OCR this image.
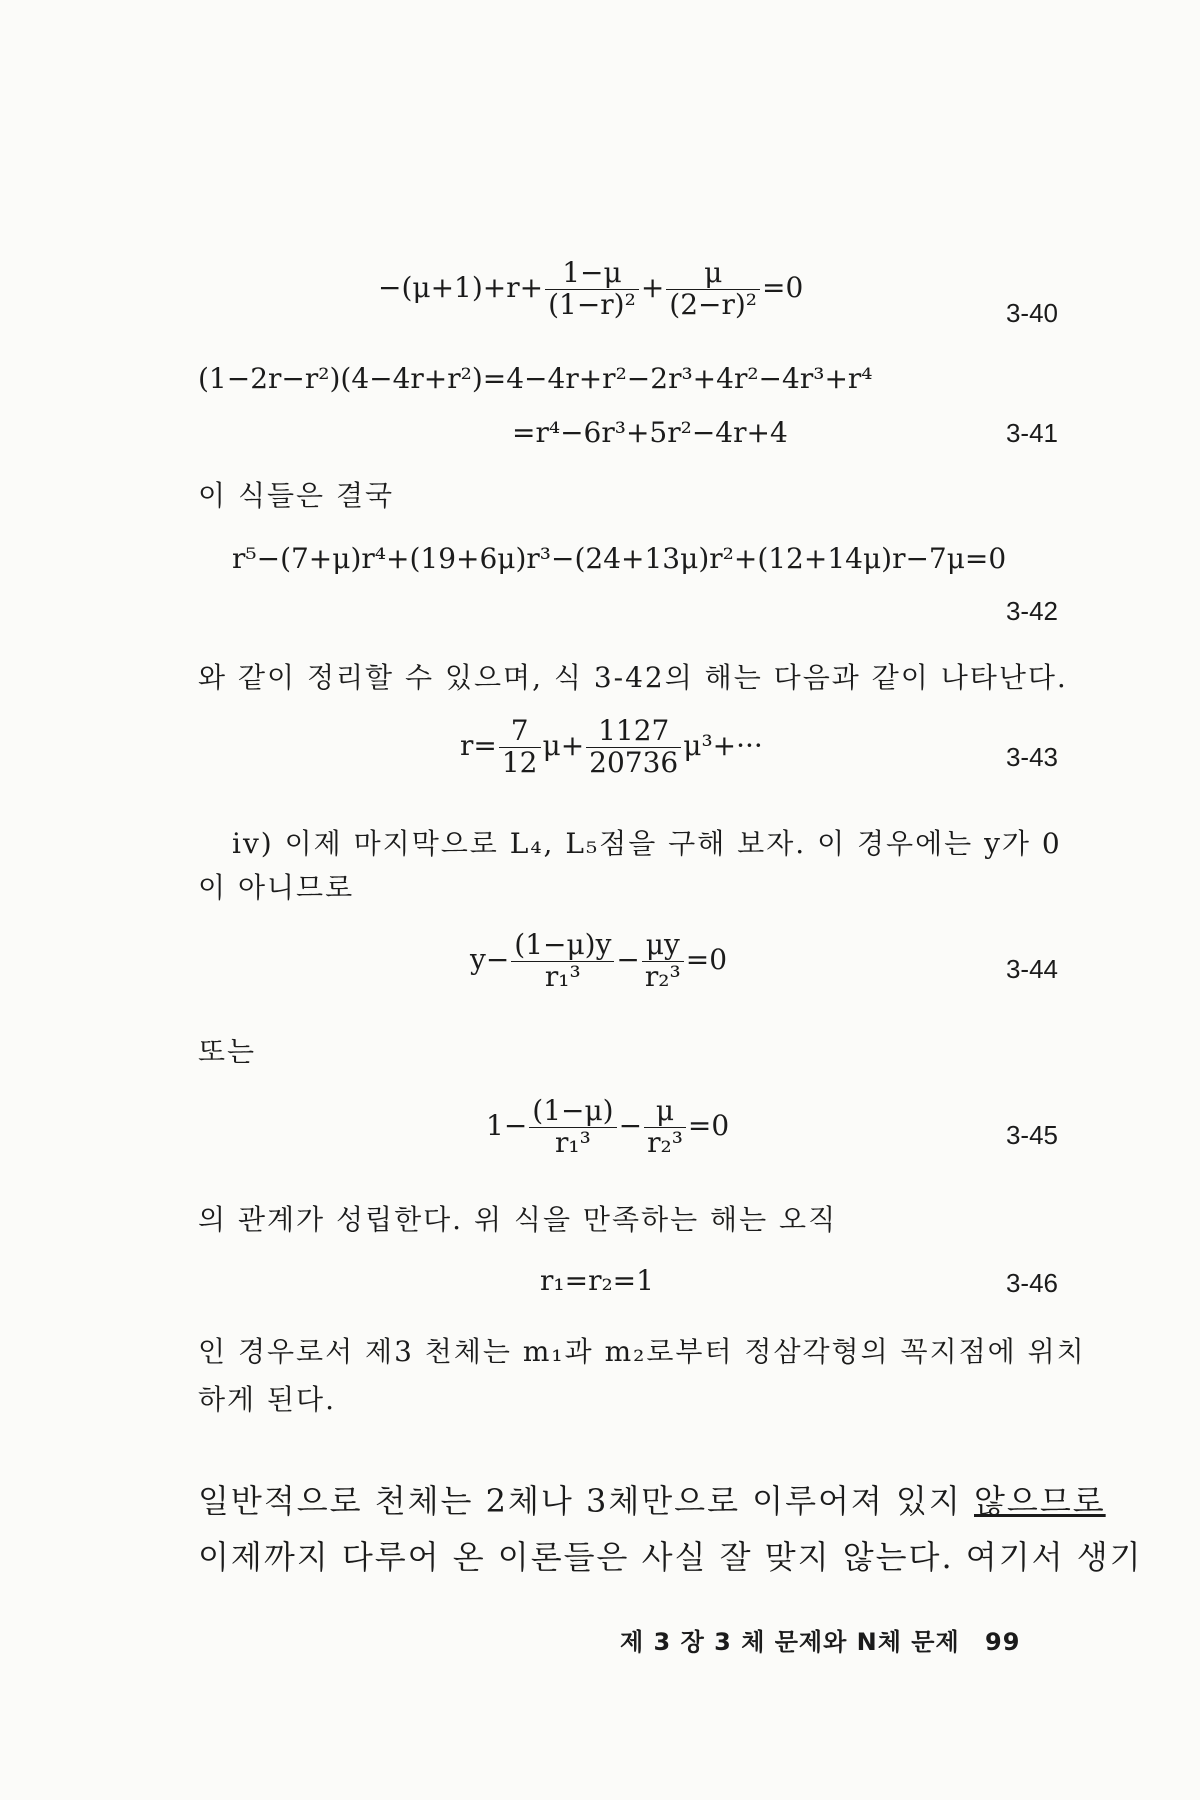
$-(\mu+1)+r+ \frac{1-\mu}{\text{(1−r)²}} + \frac{\mu}{\text{(2−r)²}} =0$
3-40
(1−2r−r²)(4−4r+r²)=4−4r+r²−2r³+4r²−4r³+r⁴
=r⁴−6r³+5r²−4r+4	3-41
이 식들은 결국
r⁵−(7+μ)r⁴+(19+6μ)r³−(24+13μ)r²+(12+14μ)r−7μ=0
3-42
와 같이 정리할 수 있으며, 식 3-42의 해는 다음과 같이 나타난다.
$r= \frac{7}{12} \mu+ \frac{1127}{20736} \mu^3+\cdot\cdot\cdot$	3-43
iv) 이제 마지막으로 L₄, L₅점을 구해 보자. 이 경우에는 y가 0
이 아니므로
$y- \frac{(1-\mu)y}{\text{r₁³}} - \frac{\mu y}{\text{r₂³}} =0$	3-44
또는
$1- \frac{(1-\mu)}{\text{r₁³}} - \frac{\mu}{\text{r₂³}} =0$	3-45
의 관계가 성립한다. 위 식을 만족하는 해는 오직
r₁=r₂=1	3-46
인 경우로서 제3 천체는 m₁과 m₂로부터 정삼각형의 꼭지점에 위치
하게 된다.
일반적으로 천체는 2체나 3체만으로 이루어져 있지 않으므로
이제까지 다루어 온 이론들은 사실 잘 맞지 않는다. 여기서 생기
제 3 장 3 체 문제와 N체 문제 99
